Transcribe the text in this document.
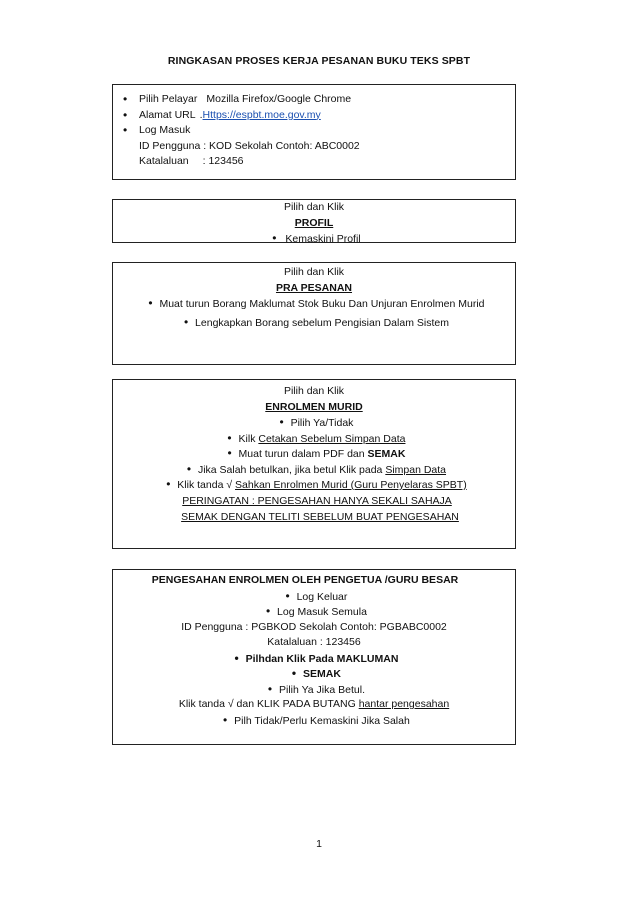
RINGKASAN PROSES KERJA PESANAN BUKU TEKS SPBT
•
Pilih Pelayar Mozilla Firefox/Google Chrome
•
Alamat URL .Https://espbt.moe.gov.my
•
Log Masuk
ID Pengguna : KOD Sekolah Contoh: ABC0002
Katalaluan : 123456
Pilih dan Klik
PROFIL
•Kemaskini Profil
Pilih dan Klik
PRA PESANAN
•Muat turun Borang Maklumat Stok Buku Dan Unjuran Enrolmen Murid
•Lengkapkan Borang sebelum Pengisian Dalam Sistem
Pilih dan Klik
ENROLMEN MURID
•Pilih Ya/Tidak
•Kilk Cetakan Sebelum Simpan Data
•Muat turun dalam PDF dan SEMAK
•Jika Salah betulkan, jika betul Klik pada Simpan Data
•Klik tanda √ Sahkan Enrolmen Murid (Guru Penyelaras SPBT)
PERINGATAN : PENGESAHAN HANYA SEKALI SAHAJA
SEMAK DENGAN TELITI SEBELUM BUAT PENGESAHAN
PENGESAHAN ENROLMEN OLEH PENGETUA /GURU BESAR
•Log Keluar
•Log Masuk Semula
ID Pengguna : PGBKOD Sekolah Contoh: PGBABC0002
Katalaluan : 123456
•Pilhdan Klik Pada MAKLUMAN
•SEMAK
•Pilih Ya Jika Betul.
Klik tanda √ dan KLIK PADA BUTANG hantar pengesahan
•Pilh Tidak/Perlu Kemaskini Jika Salah
1
